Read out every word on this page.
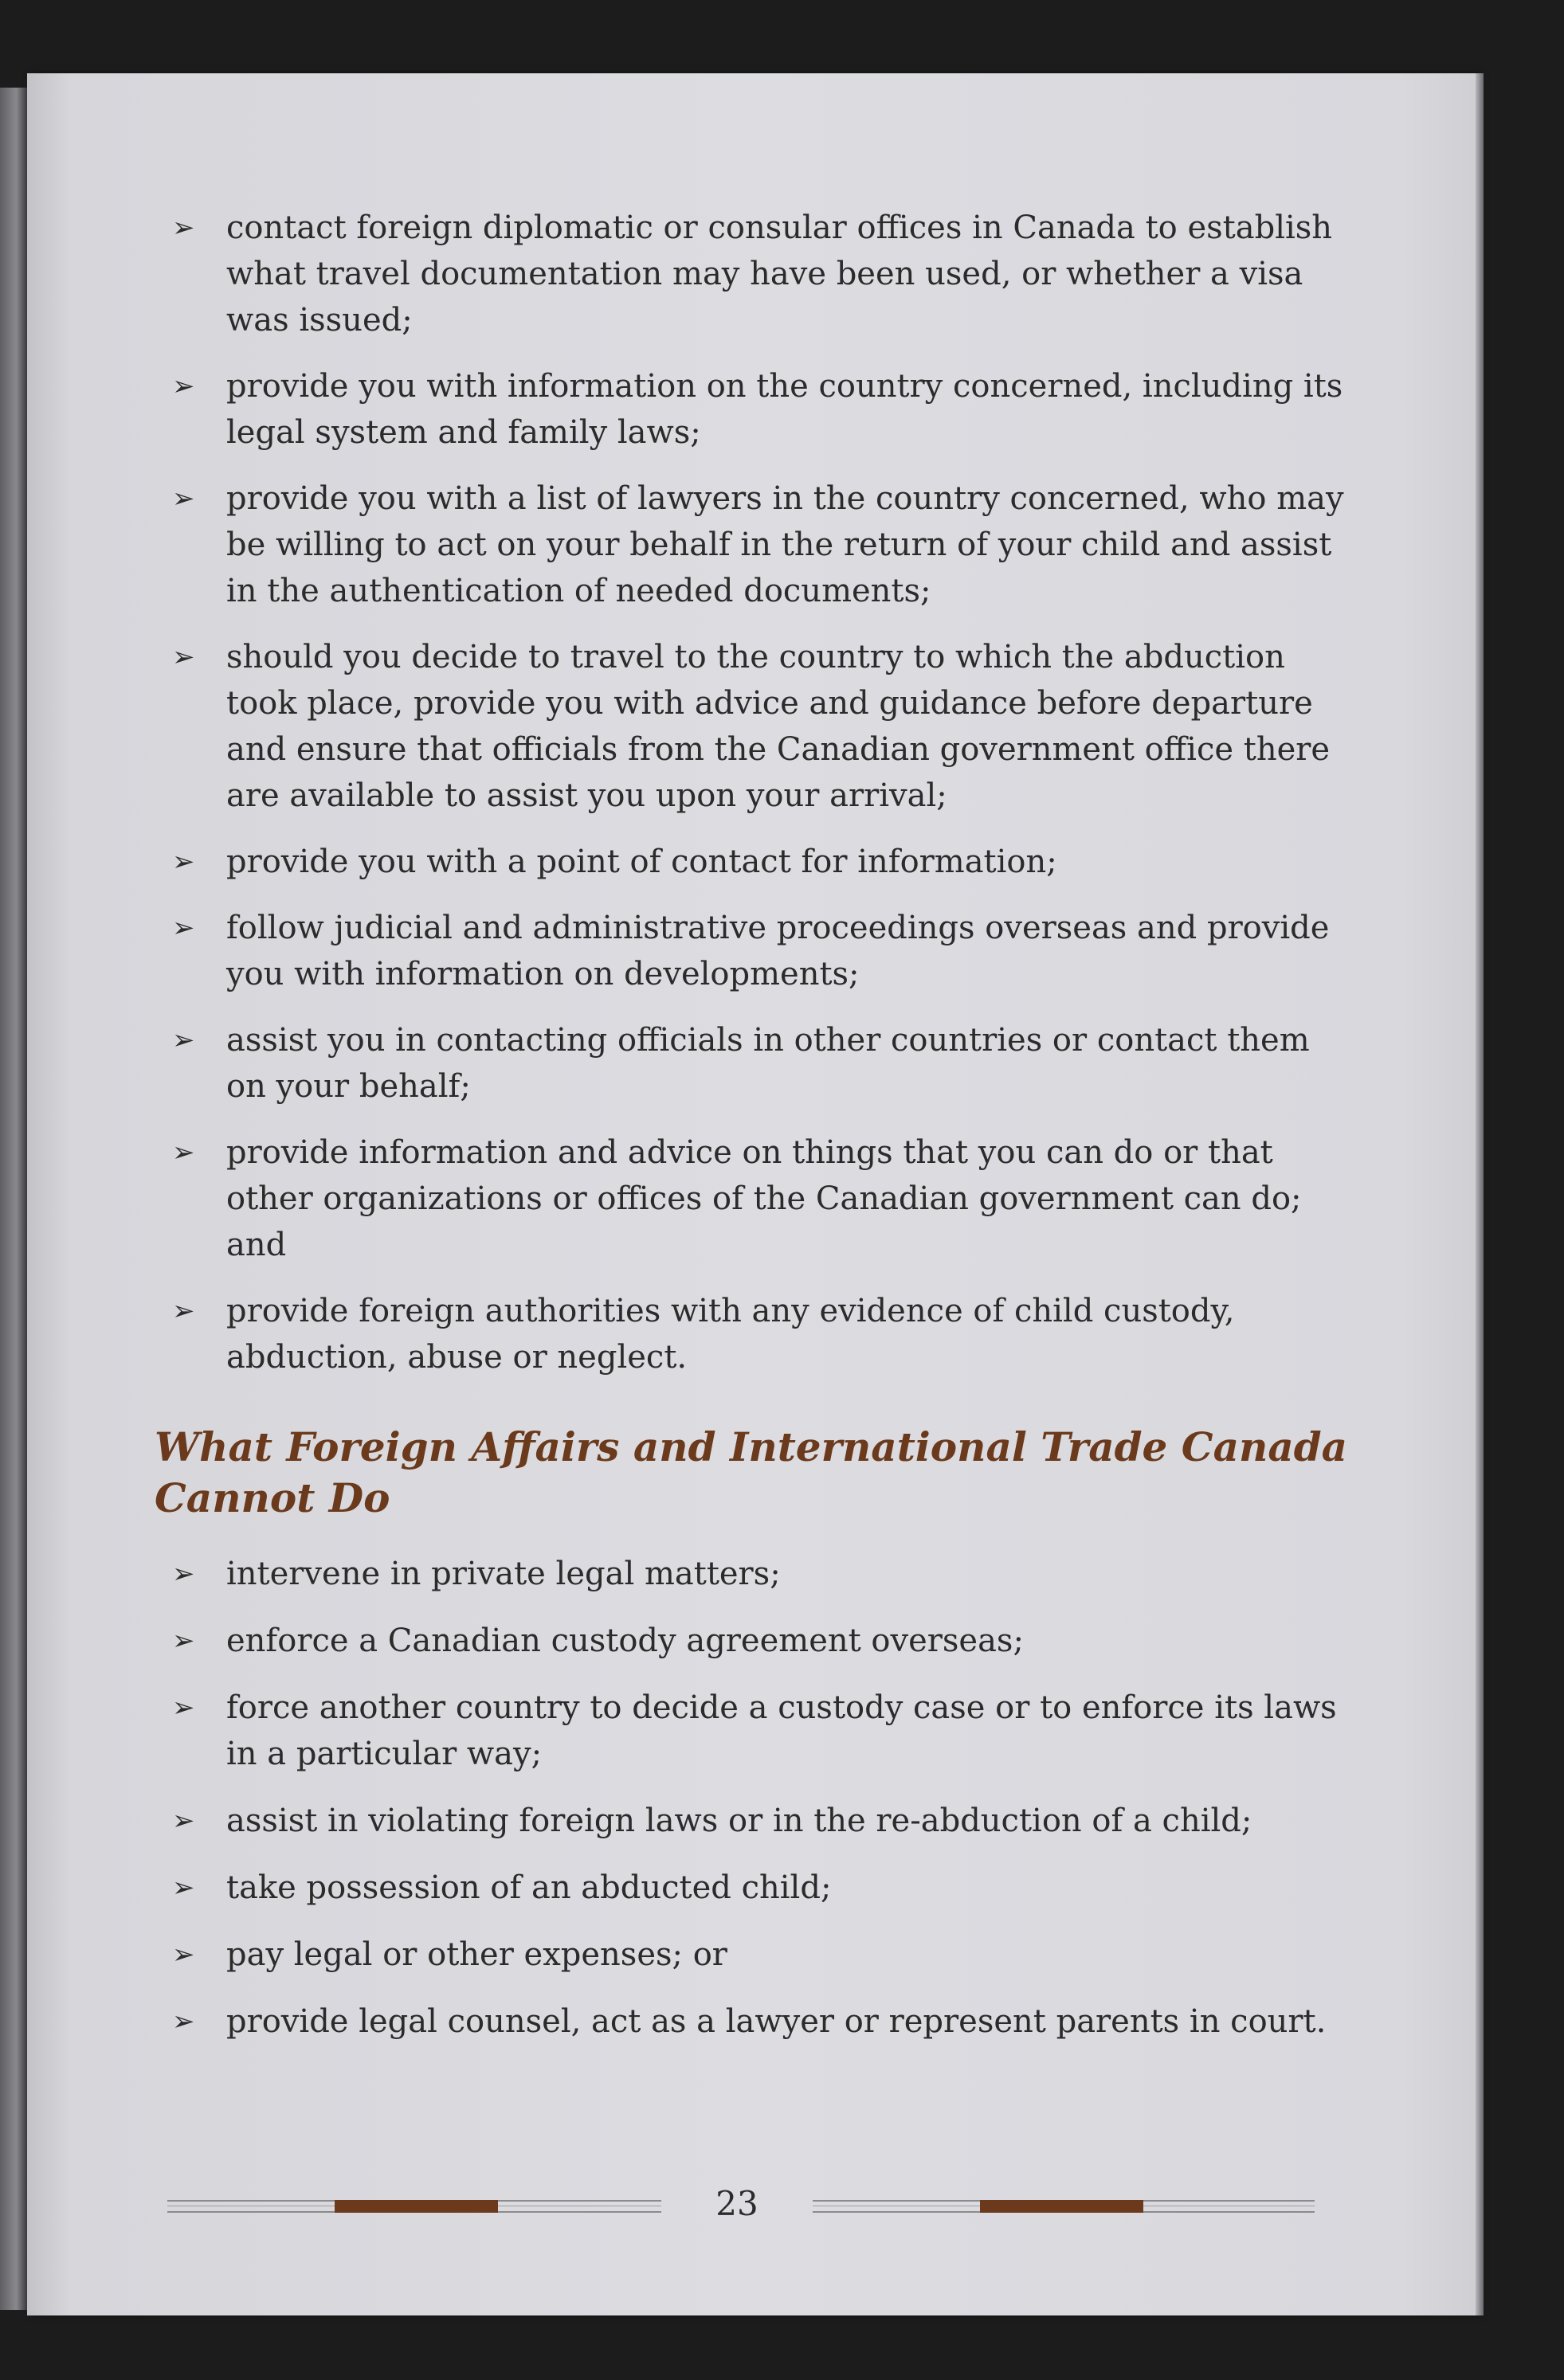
➢ contact foreign diplomatic or consular offices in Canada to establish what travel documentation may have been used, or whether a visa was issued;
➢ provide you with information on the country concerned, including its legal system and family laws;
➢ provide you with a list of lawyers in the country concerned, who may be willing to act on your behalf in the return of your child and assist in the authentication of needed documents;
➢ should you decide to travel to the country to which the abduction took place, provide you with advice and guidance before departure and ensure that officials from the Canadian government office there are available to assist you upon your arrival;
➢ provide you with a point of contact for information;
➢ follow judicial and administrative proceedings overseas and provide you with information on developments;
➢ assist you in contacting officials in other countries or contact them on your behalf;
➢ provide information and advice on things that you can do or that other organizations or offices of the Canadian government can do; and
➢ provide foreign authorities with any evidence of child custody, abduction, abuse or neglect.
What Foreign Affairs and International Trade Canada Cannot Do
➢ intervene in private legal matters;
➢ enforce a Canadian custody agreement overseas;
➢ force another country to decide a custody case or to enforce its laws in a particular way;
➢ assist in violating foreign laws or in the re-abduction of a child;
➢ take possession of an abducted child;
➢ pay legal or other expenses; or
➢ provide legal counsel, act as a lawyer or represent parents in court.
23
